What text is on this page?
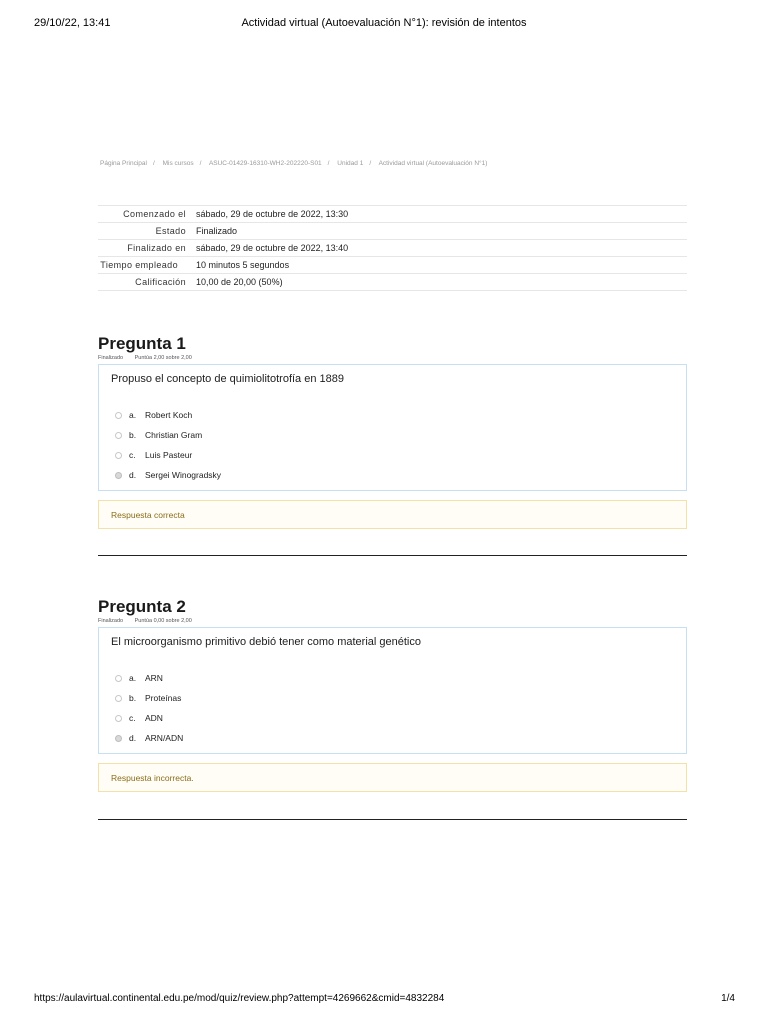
29/10/22, 13:41	Actividad virtual (Autoevaluación N°1): revisión de intentos
Página Principal / Mis cursos / ASUC-01429-16310-WH2-202220-S01 / Unidad 1 / Actividad virtual (Autoevaluación N°1)
Comenzado el	sábado, 29 de octubre de 2022, 13:30
Estado	Finalizado
Finalizado en	sábado, 29 de octubre de 2022, 13:40
Tiempo empleado	10 minutos 5 segundos
Calificación	10,00 de 20,00 (50%)
Pregunta 1
Finalizado Puntúa 2,00 sobre 2,00
Propuso el concepto de quimiolitotrofía en 1889
a.	Robert Koch
b.	Christian Gram
c.	Luis Pasteur
d.	Sergei Winogradsky
Respuesta correcta
Pregunta 2
Finalizado Puntúa 0,00 sobre 2,00
El microorganismo primitivo debió tener como material genético
a.	ARN
b.	Proteínas
c.	ADN
d.	ARN/ADN
Respuesta incorrecta.
https://aulavirtual.continental.edu.pe/mod/quiz/review.php?attempt=4269662&cmid=4832284	1/4
